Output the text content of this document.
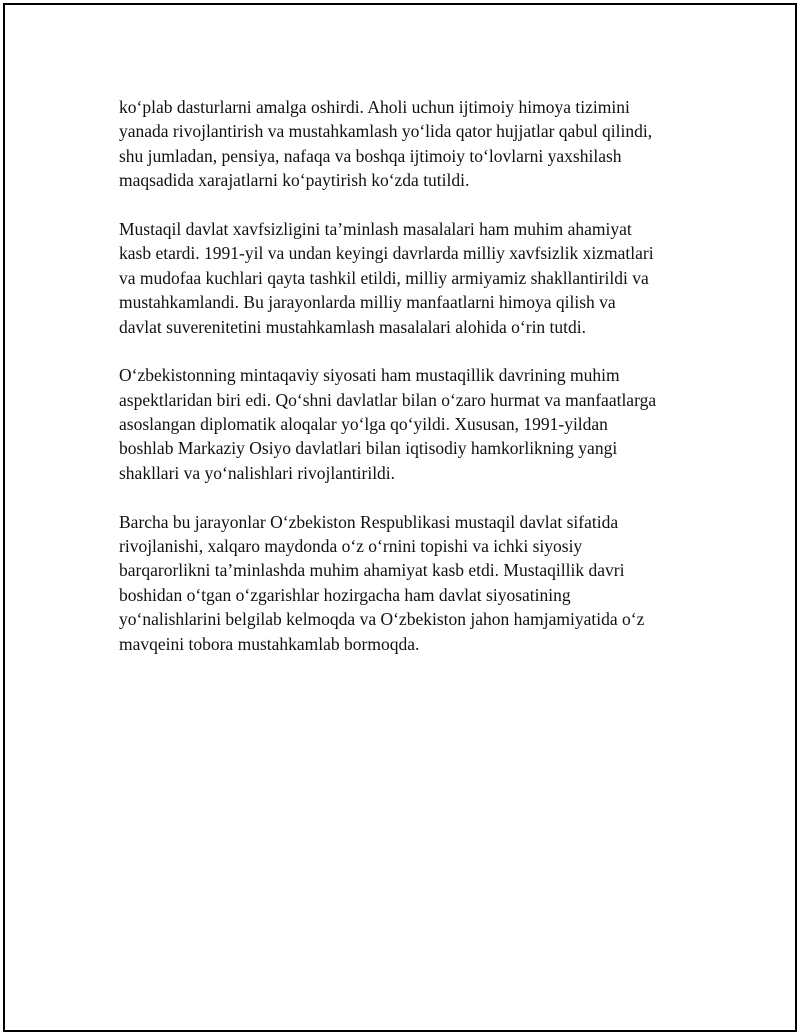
ko‘plab dasturlarni amalga oshirdi. Aholi uchun ijtimoiy himoya tizimini
yanada rivojlantirish va mustahkamlash yo‘lida qator hujjatlar qabul qilindi,
shu jumladan, pensiya, nafaqa va boshqa ijtimoiy to‘lovlarni yaxshilash
maqsadida xarajatlarni ko‘paytirish ko‘zda tutildi.

Mustaqil davlat xavfsizligini ta’minlash masalalari ham muhim ahamiyat
kasb etardi. 1991-yil va undan keyingi davrlarda milliy xavfsizlik xizmatlari
va mudofaa kuchlari qayta tashkil etildi, milliy armiyamiz shakllantirildi va
mustahkamlandi. Bu jarayonlarda milliy manfaatlarni himoya qilish va
davlat suverenitetini mustahkamlash masalalari alohida o‘rin tutdi.

O‘zbekistonning mintaqaviy siyosati ham mustaqillik davrining muhim
aspektlaridan biri edi. Qo‘shni davlatlar bilan o‘zaro hurmat va manfaatlarga
asoslangan diplomatik aloqalar yo‘lga qo‘yildi. Xususan, 1991-yildan
boshlab Markaziy Osiyo davlatlari bilan iqtisodiy hamkorlikning yangi
shakllari va yo‘nalishlari rivojlantirildi.

Barcha bu jarayonlar O‘zbekiston Respublikasi mustaqil davlat sifatida
rivojlanishi, xalqaro maydonda o‘z o‘rnini topishi va ichki siyosiy
barqarorlikni ta’minlashda muhim ahamiyat kasb etdi. Mustaqillik davri
boshidan o‘tgan o‘zgarishlar hozirgacha ham davlat siyosatining
yo‘nalishlarini belgilab kelmoqda va O‘zbekiston jahon hamjamiyatida o‘z
mavqeini tobora mustahkamlab bormoqda.
